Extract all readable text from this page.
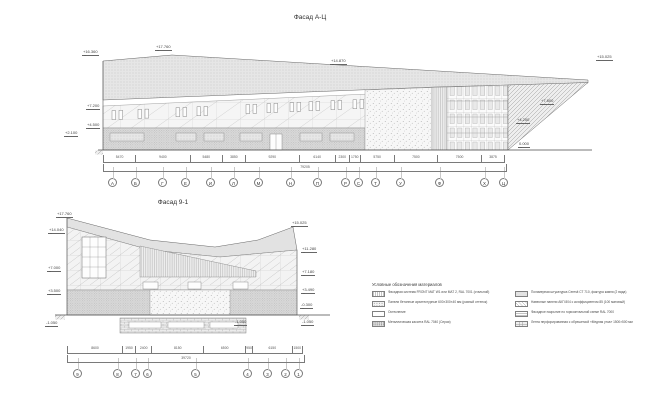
Фасад А-Ц
Фасад 9-1
5470	9400	5480	3850	9290	6140	2300	1750	5750	7500	7500	3875
79205
А	Б	Г	Е	И	Л	М	Н	П	Р	С	Т	У	Ф	Х	Ц
8600	1950	2400	8150	6500	950	6150	1500
39720
9	8	7	6	5	4	3	2	1
Условные обозначения материалов
Фасадная система FRONT МАТ W1 или МАТ 2, RAL 7001 (стальной)
Панели бетонные архитектурные 600×300×40 мм (разный оттенок)
Остекление
Металлическая кассета RAL 7040 (Серая)
Полимерная штукатурка Ceresit СТ 710, фактура камня (2 вида)
Навесные панели АКП 804 с коэффициентом 85 (100 матовый)
Фасадное покрытие по горизонтальной схеме RAL 7000
Лента перфорированная с обрешеткой «Медная утка» 1500×500 мм
+16.360
+17.760
+14.870
+15.025
+7.200
+4.500
+2.100
+7.800
+4.200
0.000
+17.760
+14.040
+7.000
+3.500
-1.050
+15.025
+11.280
+7.180
+3.490
-0.300
-1.050
-1.050
